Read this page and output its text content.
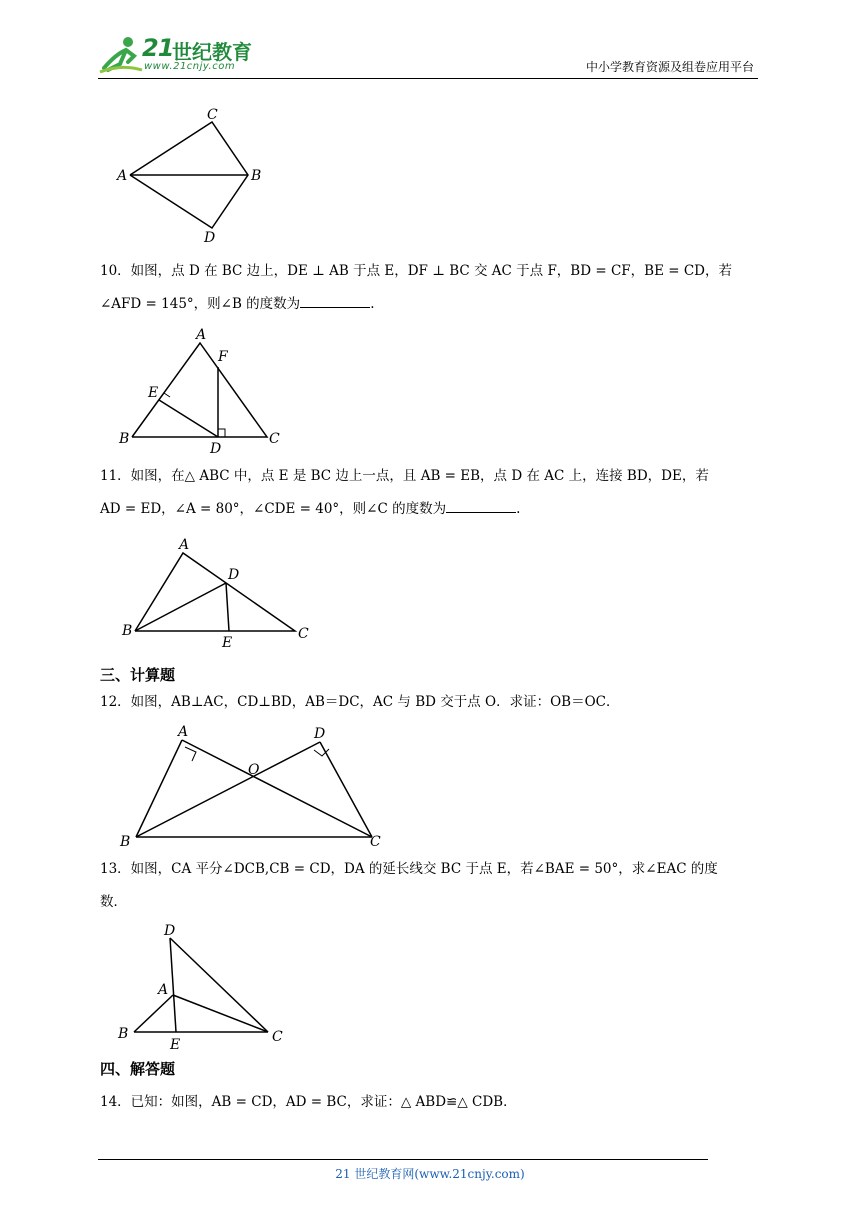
21
世纪教育
www.21cnjy.com	中小学教育资源及组卷应用平台
C
A	B
D
10．如图，点 D 在 BC 边上，DE ⊥ AB 于点 E，DF ⊥ BC 交 AC 于点 F，BD = CF，BE = CD，若
∠AFD = 145°，则∠B 的度数为	.
A
F
E
B
D
C
11．如图，在△ ABC 中，点 E 是 BC 边上一点，且 AB = EB，点 D 在 AC 上，连接 BD，DE，若
AD = ED，∠A = 80°，∠CDE = 40°，则∠C 的度数为	.
A
D
B
E
C
三、计算题
12．如图，AB⊥AC，CD⊥BD，AB＝DC，AC 与 BD 交于点 O．求证：OB＝OC．
A	D
O
B	C
13．如图，CA 平分∠DCB,CB = CD，DA 的延长线交 BC 于点 E，若∠BAE = 50°，求∠EAC 的度
数．
D
A
B
E	C
四、解答题
14．已知：如图，AB = CD，AD = BC，求证：△ ABD≌△ CDB．
21 世纪教育网(www.21cnjy.com)
